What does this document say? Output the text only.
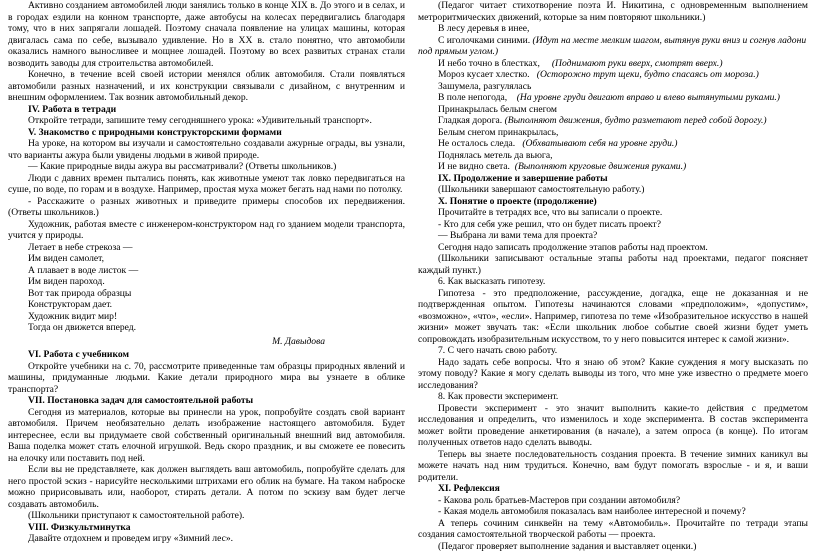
Активно созданием автомобилей люди занялись только в конце XIX в. До этого и в селах, и в городах ездили на конном транспорте, даже автобусы на колесах передвигались благодаря тому, что в них запрягали лошадей. Поэтому сначала появление на улицах машины, которая двигалась сама по себе, вызывало удивление. Но в XX в. стало понятно, что автомобили оказались намного выносливее и мощнее лошадей. Поэтому во всех развитых странах стали возводить заводы для строительства автомобилей.

Конечно, в течение всей своей истории менялся облик автомобиля. Стали появляться автомобили разных назначений, и их конструкции связывали с дизайном, с внутренним и внешним оформлением. Так возник автомобильный декор.

IV. Работа в тетради

Откройте тетради, запишите тему сегодняшнего урока: «Удивительный транспорт».

V. Знакомство с природными конструкторскими формами

На уроке, на котором вы изучали и самостоятельно создавали ажурные ограды, вы узнали, что варианты ажура были увидены людьми в живой природе.

— Какие природные виды ажура вы рассматривали? (Ответы школьников.)

Люди с давних времен пытались понять, как животные умеют так ловко передвигаться на суше, по воде, по горам и в воздухе. Например, простая муха может бегать над нами по потолку.

- Расскажите о разных животных и приведите примеры способов их передвижения. (Ответы школьников.)

Художник, работая вместе с инженером-конструктором над го зданием модели транспорта, учится у природы.

Летает в небе стрекоза —

Им виден самолет,

А плавает в воде листок —

Им виден пароход.

Вот так природа образцы

Конструкторам дает.

Художник видит мир!

Тогда он движется вперед.

М. Давыдова

VI. Работа с учебником

Откройте учебники на с. 70, рассмотрите приведенные там образцы природных явлений и машины, придуманные людьми. Какие детали природного мира вы узнаете в облике транспорта?

VII. Постановка задач для самостоятельной работы

Сегодня из материалов, которые вы принесли на урок, попробуйте создать свой вариант автомобиля. Причем необязательно делать изображение настоящего автомобиля. Будет интереснее, если вы придумаете свой собственный оригинальный внешний вид автомобиля. Ваша поделка может стать елочной игрушкой. Ведь скоро праздник, и вы сможете ее повесить на елочку или поставить под ней.

Если вы не представляете, как должен выглядеть ваш автомобиль, попробуйте сделать для него простой эскиз - нарисуйте несколькими штрихами его облик на бумаге. На таком наброске можно пририсовывать или, наоборот, стирать детали. А потом по эскизу вам будет легче создавать автомобиль.

(Школьники приступают к самостоятельной работе).

VIII. Физкультминутка

Давайте отдохнем и проведем игру «Зимний лес».

(Педагог читает стихотворение поэта И. Никитина, с одновременным выполнением метроритмических движений, которые за ним повторяют школьники.)

В лесу деревья в инее,

С иголочками синими. (Идут на месте мелким шагом, вытянув руки вниз и согнув ладони под прямым углом.)

И небо точно в блестках, (Поднимают руки вверх, смотрят вверх.)

Мороз кусает хлестко. (Осторожно трут щеки, будто спасаясь от мороза.)

Зашумела, разгулялась

В поле непогода, (На уровне груди двигают вправо и влево вытянутыми руками.)

Принакрылась белым снегом

Гладкая дорога. (Выполняют движения, будто разметают перед собой дорогу.)

Белым снегом принакрылась,

Не осталось следа. (Обхватывают себя на уровне груди.)

Поднялась метель да вьюга,

И не видно света. (Выполняют круговые движения руками.)

IX. Продолжение и завершение работы

(Школьники завершают самостоятельную работу.)

X. Понятие о проекте (продолжение)

Прочитайте в тетрадях все, что вы записали о проекте.

- Кто для себя уже решил, что он будет писать проект?

— Выбрана ли вами тема для проекта?

Сегодня надо записать продолжение этапов работы над проектом.

(Школьники записывают остальные этапы работы над проектами, педагог поясняет каждый пункт.)

6. Как высказать гипотезу.

Гипотеза - это предположение, рассуждение, догадка, еще не доказанная и не подтвержденная опытом. Гипотезы начинаются словами «предположим», «допустим», «возможно», «что», «если». Например, гипотеза по теме «Изобразительное искусство в нашей жизни» может звучать так: «Если школьник любое событие своей жизни будет уметь сопровождать изобразительным искусством, то у него повысится интерес к самой жизни».

7. С чего начать свою работу.

Надо задать себе вопросы. Что я знаю об этом? Какие суждения я могу высказать по этому поводу? Какие я могу сделать выводы из того, что мне уже известно о предмете моего исследования?

8. Как провести эксперимент.

Провести эксперимент - это значит выполнить какие-то действия с предметом исследования и определить, что изменилось и ходе эксперимента. В состав эксперимента может войти проведение анкетирования (в начале), а затем опроса (в конце). По итогам полученных ответов надо сделать выводы.

Теперь вы знаете последовательность создания проекта. В течение зимних каникул вы можете начать над ним трудиться. Конечно, вам будут помогать взрослые - и я, и ваши родители.

XI. Рефлексия

- Какова роль братьев-Мастеров при создании автомобиля?

- Какая модель автомобиля показалась вам наиболее интересной и почему?

А теперь сочиним синквейн на тему «Автомобиль». Прочитайте по тетради этапы создания самостоятельной творческой работы — проекта.

(Педагог проверяет выполнение задания и выставляет оценки.)
